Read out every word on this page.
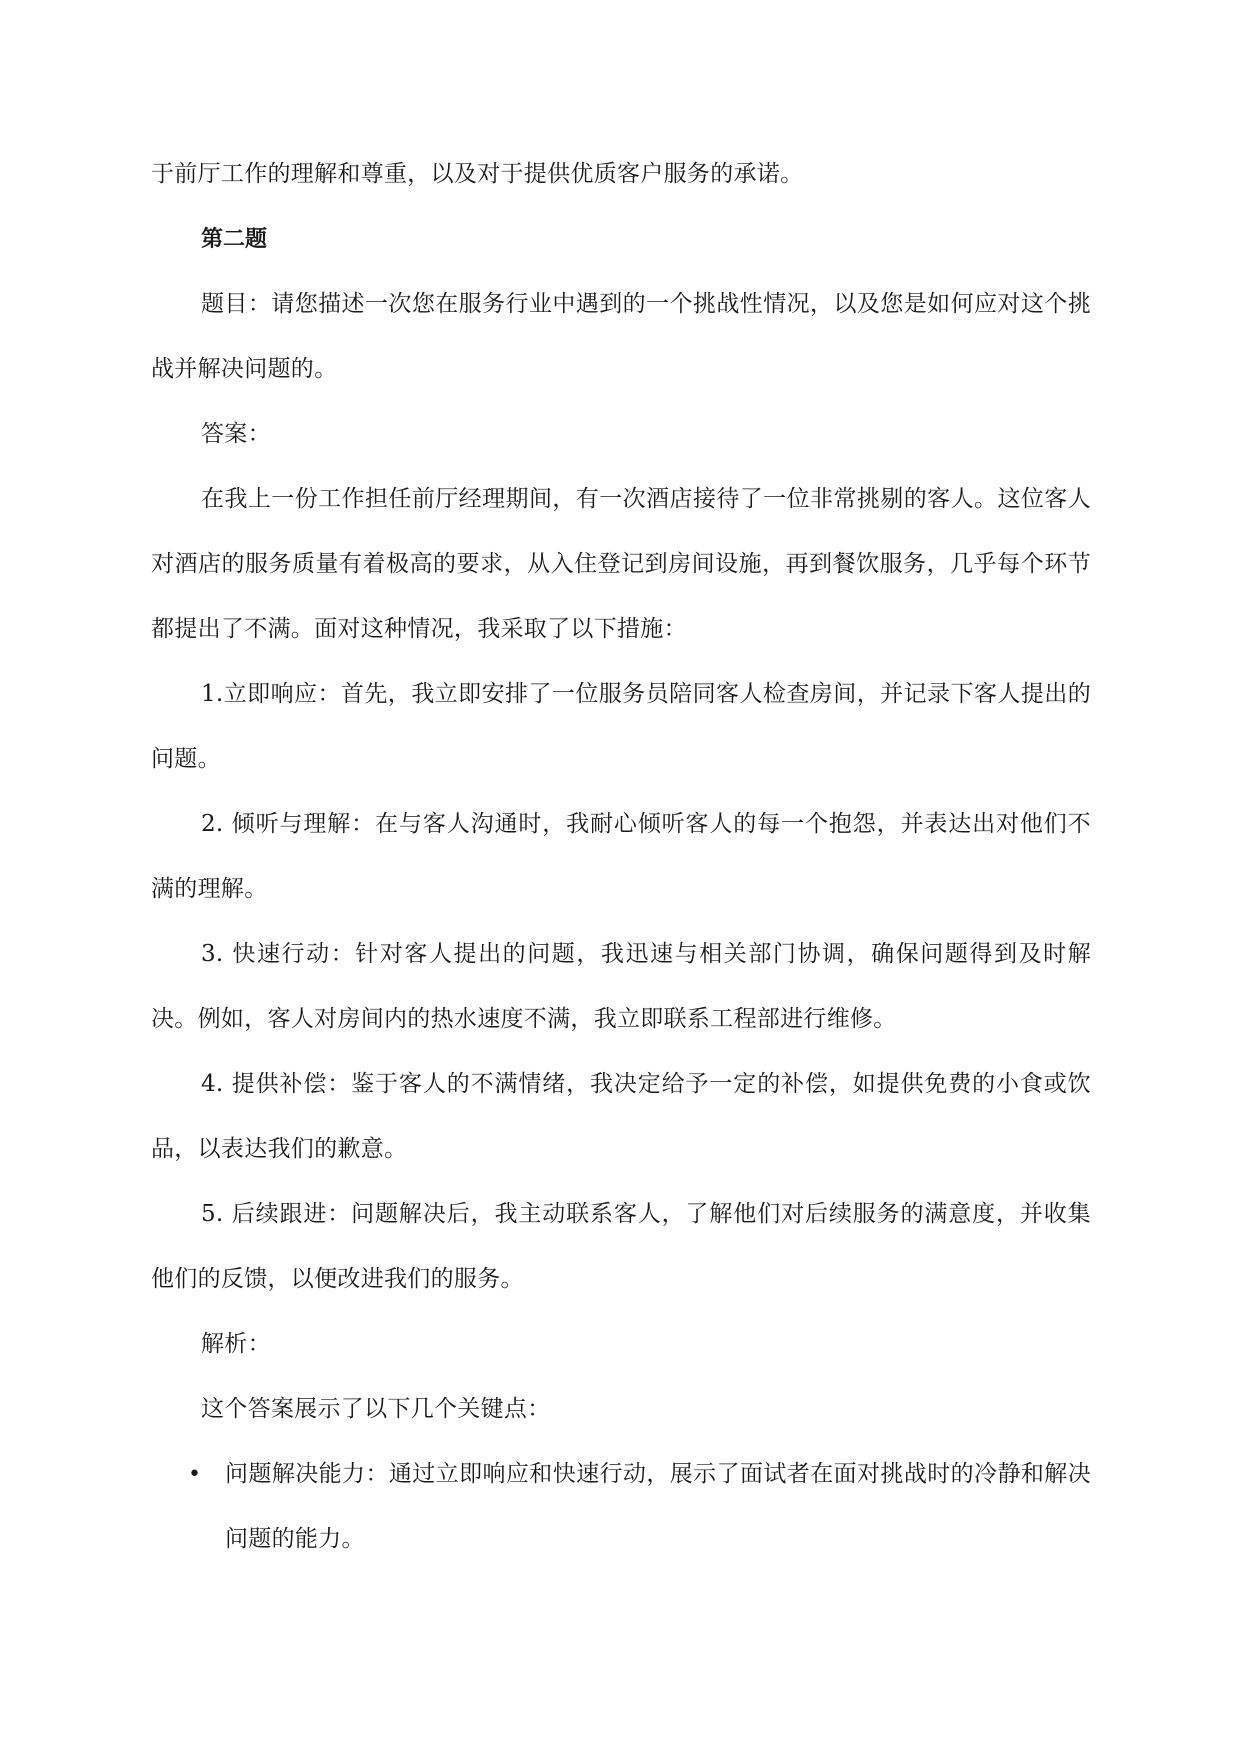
于前厅工作的理解和尊重，以及对于提供优质客户服务的承诺。

第二题

题目：请您描述一次您在服务行业中遇到的一个挑战性情况，以及您是如何应对这个挑战并解决问题的。

答案：

在我上一份工作担任前厅经理期间，有一次酒店接待了一位非常挑剔的客人。这位客人对酒店的服务质量有着极高的要求，从入住登记到房间设施，再到餐饮服务，几乎每个环节都提出了不满。面对这种情况，我采取了以下措施：

1.立即响应：首先，我立即安排了一位服务员陪同客人检查房间，并记录下客人提出的问题。

2. 倾听与理解：在与客人沟通时，我耐心倾听客人的每一个抱怨，并表达出对他们不满的理解。

3. 快速行动：针对客人提出的问题，我迅速与相关部门协调，确保问题得到及时解决。例如，客人对房间内的热水速度不满，我立即联系工程部进行维修。

4. 提供补偿：鉴于客人的不满情绪，我决定给予一定的补偿，如提供免费的小食或饮品，以表达我们的歉意。

5. 后续跟进：问题解决后，我主动联系客人，了解他们对后续服务的满意度，并收集他们的反馈，以便改进我们的服务。

解析：

这个答案展示了以下几个关键点：

• 问题解决能力：通过立即响应和快速行动，展示了面试者在面对挑战时的冷静和解决问题的能力。
